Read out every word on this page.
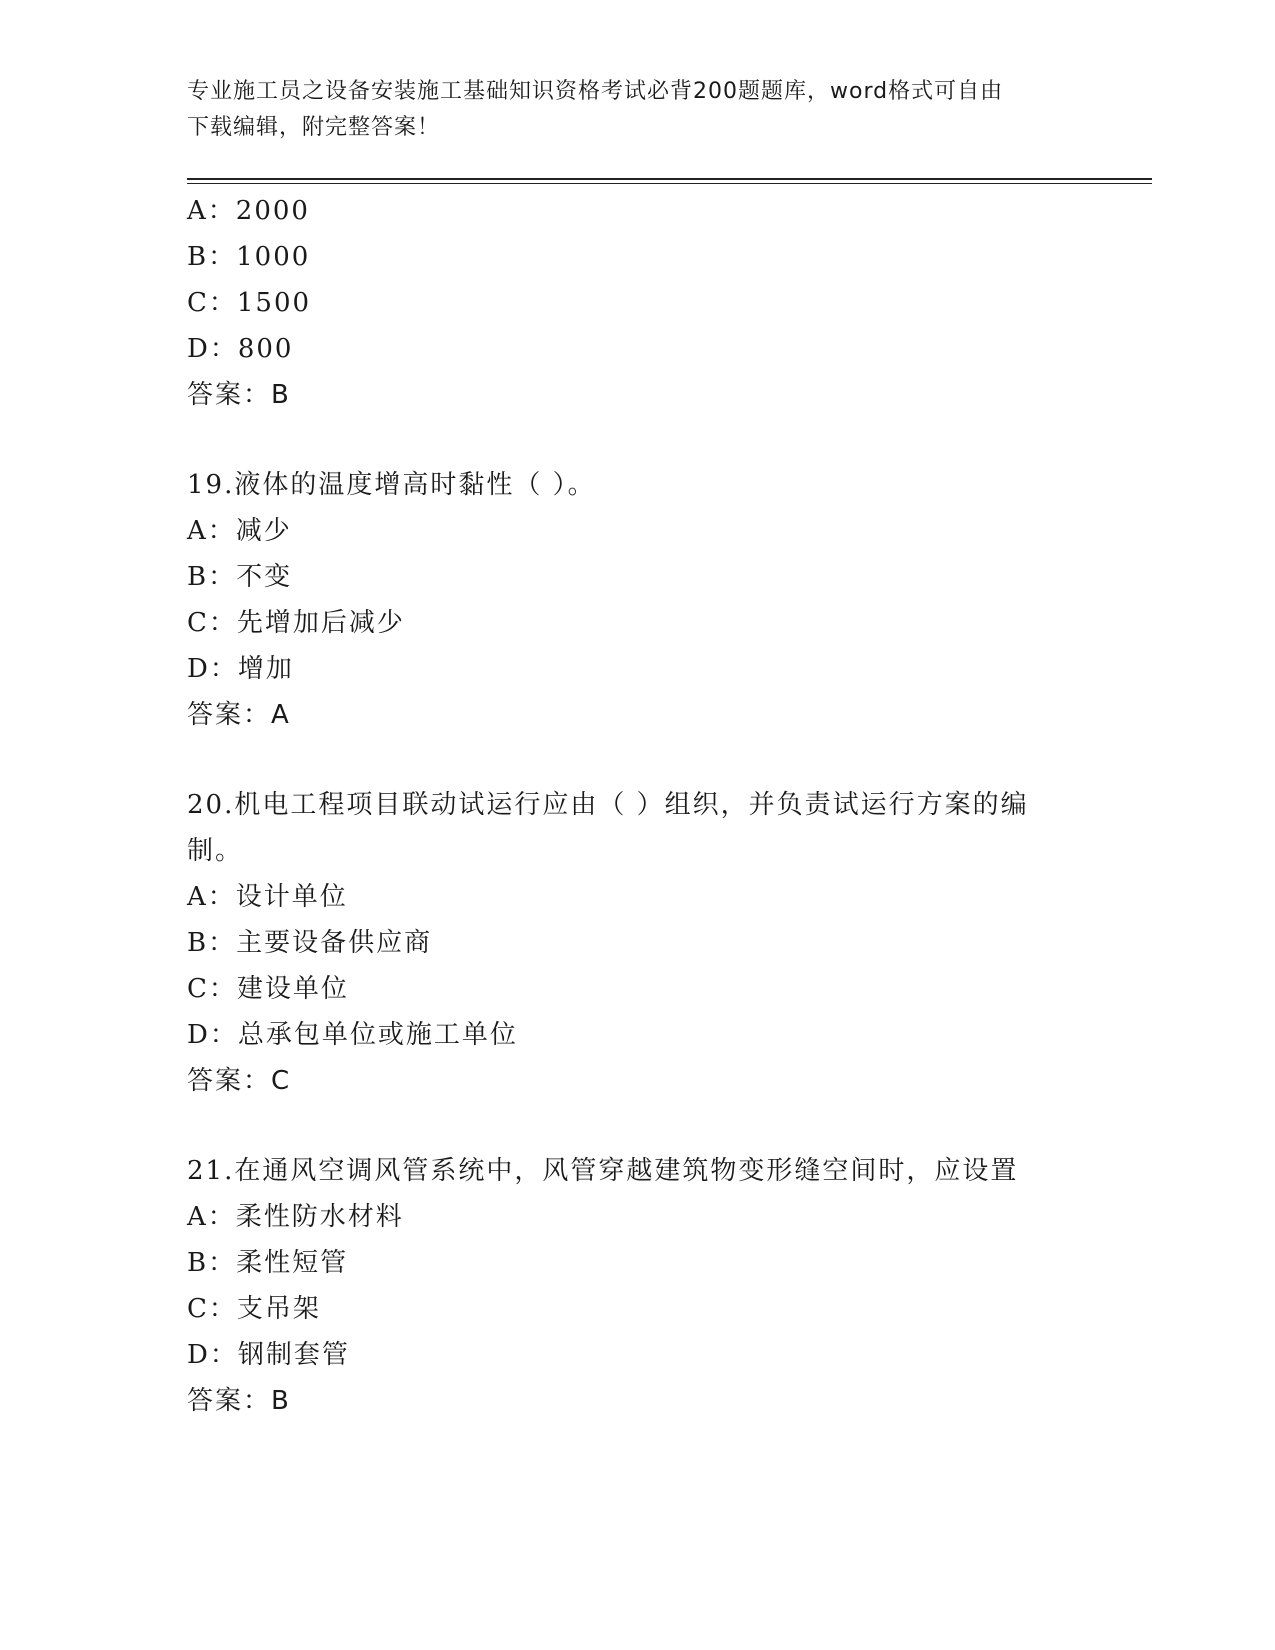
专业施工员之设备安装施工基础知识资格考试必背200题题库，word格式可自由
下载编辑，附完整答案！
A：2000
B：1000
C：1500
D：800
答案：B
19.液体的温度增高时黏性（ ）。
A：减少
B：不变
C：先增加后减少
D：增加
答案：A
20.机电工程项目联动试运行应由（ ）组织，并负责试运行方案的编
制。
A：设计单位
B：主要设备供应商
C：建设单位
D：总承包单位或施工单位
答案：C
21.在通风空调风管系统中，风管穿越建筑物变形缝空间时，应设置
A：柔性防水材料
B：柔性短管
C：支吊架
D：钢制套管
答案：B
